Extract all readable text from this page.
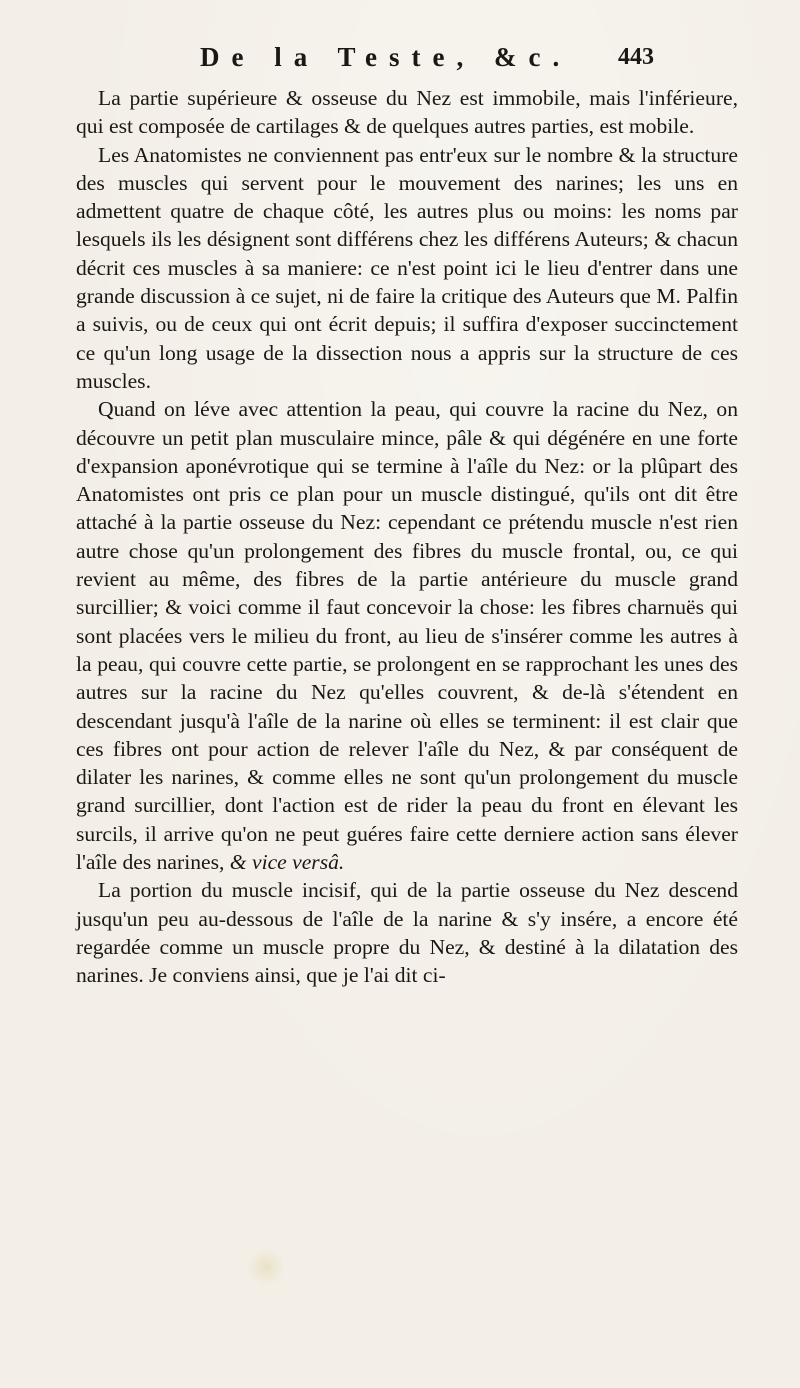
De la Teste, &c. 443

La partie supérieure & osseuse du Nez est immobile, mais l'inférieure, qui est composée de cartilages & de quelques autres parties, est mobile.

Les Anatomistes ne conviennent pas entr'eux sur le nombre & la structure des muscles qui servent pour le mouvement des narines; les uns en admettent quatre de chaque côté, les autres plus ou moins: les noms par lesquels ils les désignent sont différens chez les différens Auteurs; & chacun décrit ces muscles à sa maniere: ce n'est point ici le lieu d'entrer dans une grande discussion à ce sujet, ni de faire la critique des Auteurs que M. Palfin a suivis, ou de ceux qui ont écrit depuis; il suffira d'exposer succinctement ce qu'un long usage de la dissection nous a appris sur la structure de ces muscles.

Quand on léve avec attention la peau, qui couvre la racine du Nez, on découvre un petit plan musculaire mince, pâle & qui dégénére en une forte d'expansion aponévrotique qui se termine à l'aîle du Nez: or la plûpart des Anatomistes ont pris ce plan pour un muscle distingué, qu'ils ont dit être attaché à la partie osseuse du Nez: cependant ce prétendu muscle n'est rien autre chose qu'un prolongement des fibres du muscle frontal, ou, ce qui revient au même, des fibres de la partie antérieure du muscle grand surcillier; & voici comme il faut concevoir la chose: les fibres charnuës qui sont placées vers le milieu du front, au lieu de s'insérer comme les autres à la peau, qui couvre cette partie, se prolongent en se rapprochant les unes des autres sur la racine du Nez qu'elles couvrent, & de-là s'étendent en descendant jusqu'à l'aîle de la narine où elles se terminent: il est clair que ces fibres ont pour action de relever l'aîle du Nez, & par conséquent de dilater les narines, & comme elles ne sont qu'un prolongement du muscle grand surcillier, dont l'action est de rider la peau du front en élevant les surcils, il arrive qu'on ne peut guéres faire cette derniere action sans élever l'aîle des narines, & vice versâ.

La portion du muscle incisif, qui de la partie osseuse du Nez descend jusqu'un peu au-dessous de l'aîle de la narine & s'y insére, a encore été regardée comme un muscle propre du Nez, & destiné à la dilatation des narines. Je conviens ainsi, que je l'ai dit ci-
